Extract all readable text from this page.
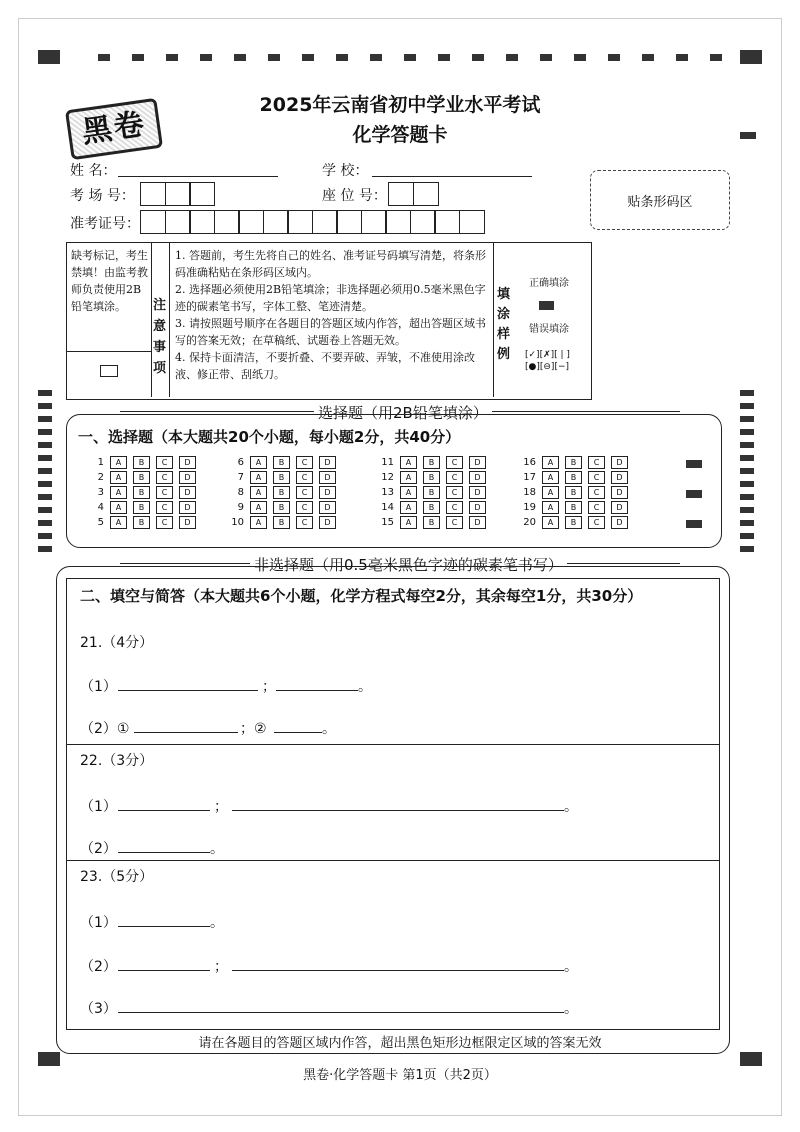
黑卷
2025年云南省初中学业水平考试
化学答题卡
姓 名：	学 校：
考 场 号：	座 位 号：
准考证号：
贴条形码区
缺考标记，考生禁填！由监考教师负责使用2B铅笔填涂。	注意事项
1. 答题前，考生先将自己的姓名、准考证号码填写清楚，将条形码准确粘贴在条形码区域内。
2. 选择题必须使用2B铅笔填涂；非选择题必须用0.5毫米黑色字迹的碳素笔书写，字体工整、笔迹清楚。
3. 请按照题号顺序在各题目的答题区域内作答，超出答题区域书写的答案无效；在草稿纸、试题卷上答题无效。
4. 保持卡面清洁，不要折叠、不要弄破、弄皱，不准使用涂改液、修正带、刮纸刀。
填涂样例
正确填涂
错误填涂
[✓][✗][ | ]
[●][⊖][−]
选择题（用2B铅笔填涂）
一、选择题（本大题共20个小题，每小题2分，共40分）
1	A	B	C	D
2	A	B	C	D
3	A	B	C	D
4	A	B	C	D
5	A	B	C	D
6	A	B	C	D
7	A	B	C	D
8	A	B	C	D
9	A	B	C	D
10	A	B	C	D
11	A	B	C	D
12	A	B	C	D
13	A	B	C	D
14	A	B	C	D
15	A	B	C	D
16	A	B	C	D
17	A	B	C	D
18	A	B	C	D
19	A	B	C	D
20	A	B	C	D
非选择题（用0.5毫米黑色字迹的碳素笔书写）
二、填空与简答（本大题共6个小题，化学方程式每空2分，其余每空1分，共30分）
21.（4分）
（1）	；	。
（2）①	；②	。
22.（3分）
（1）	；	。
（2）	。
23.（5分）
（1）	。
（2）	；	。
（3）	。
请在各题目的答题区域内作答，超出黑色矩形边框限定区域的答案无效
黑卷·化学答题卡 第1页（共2页）
